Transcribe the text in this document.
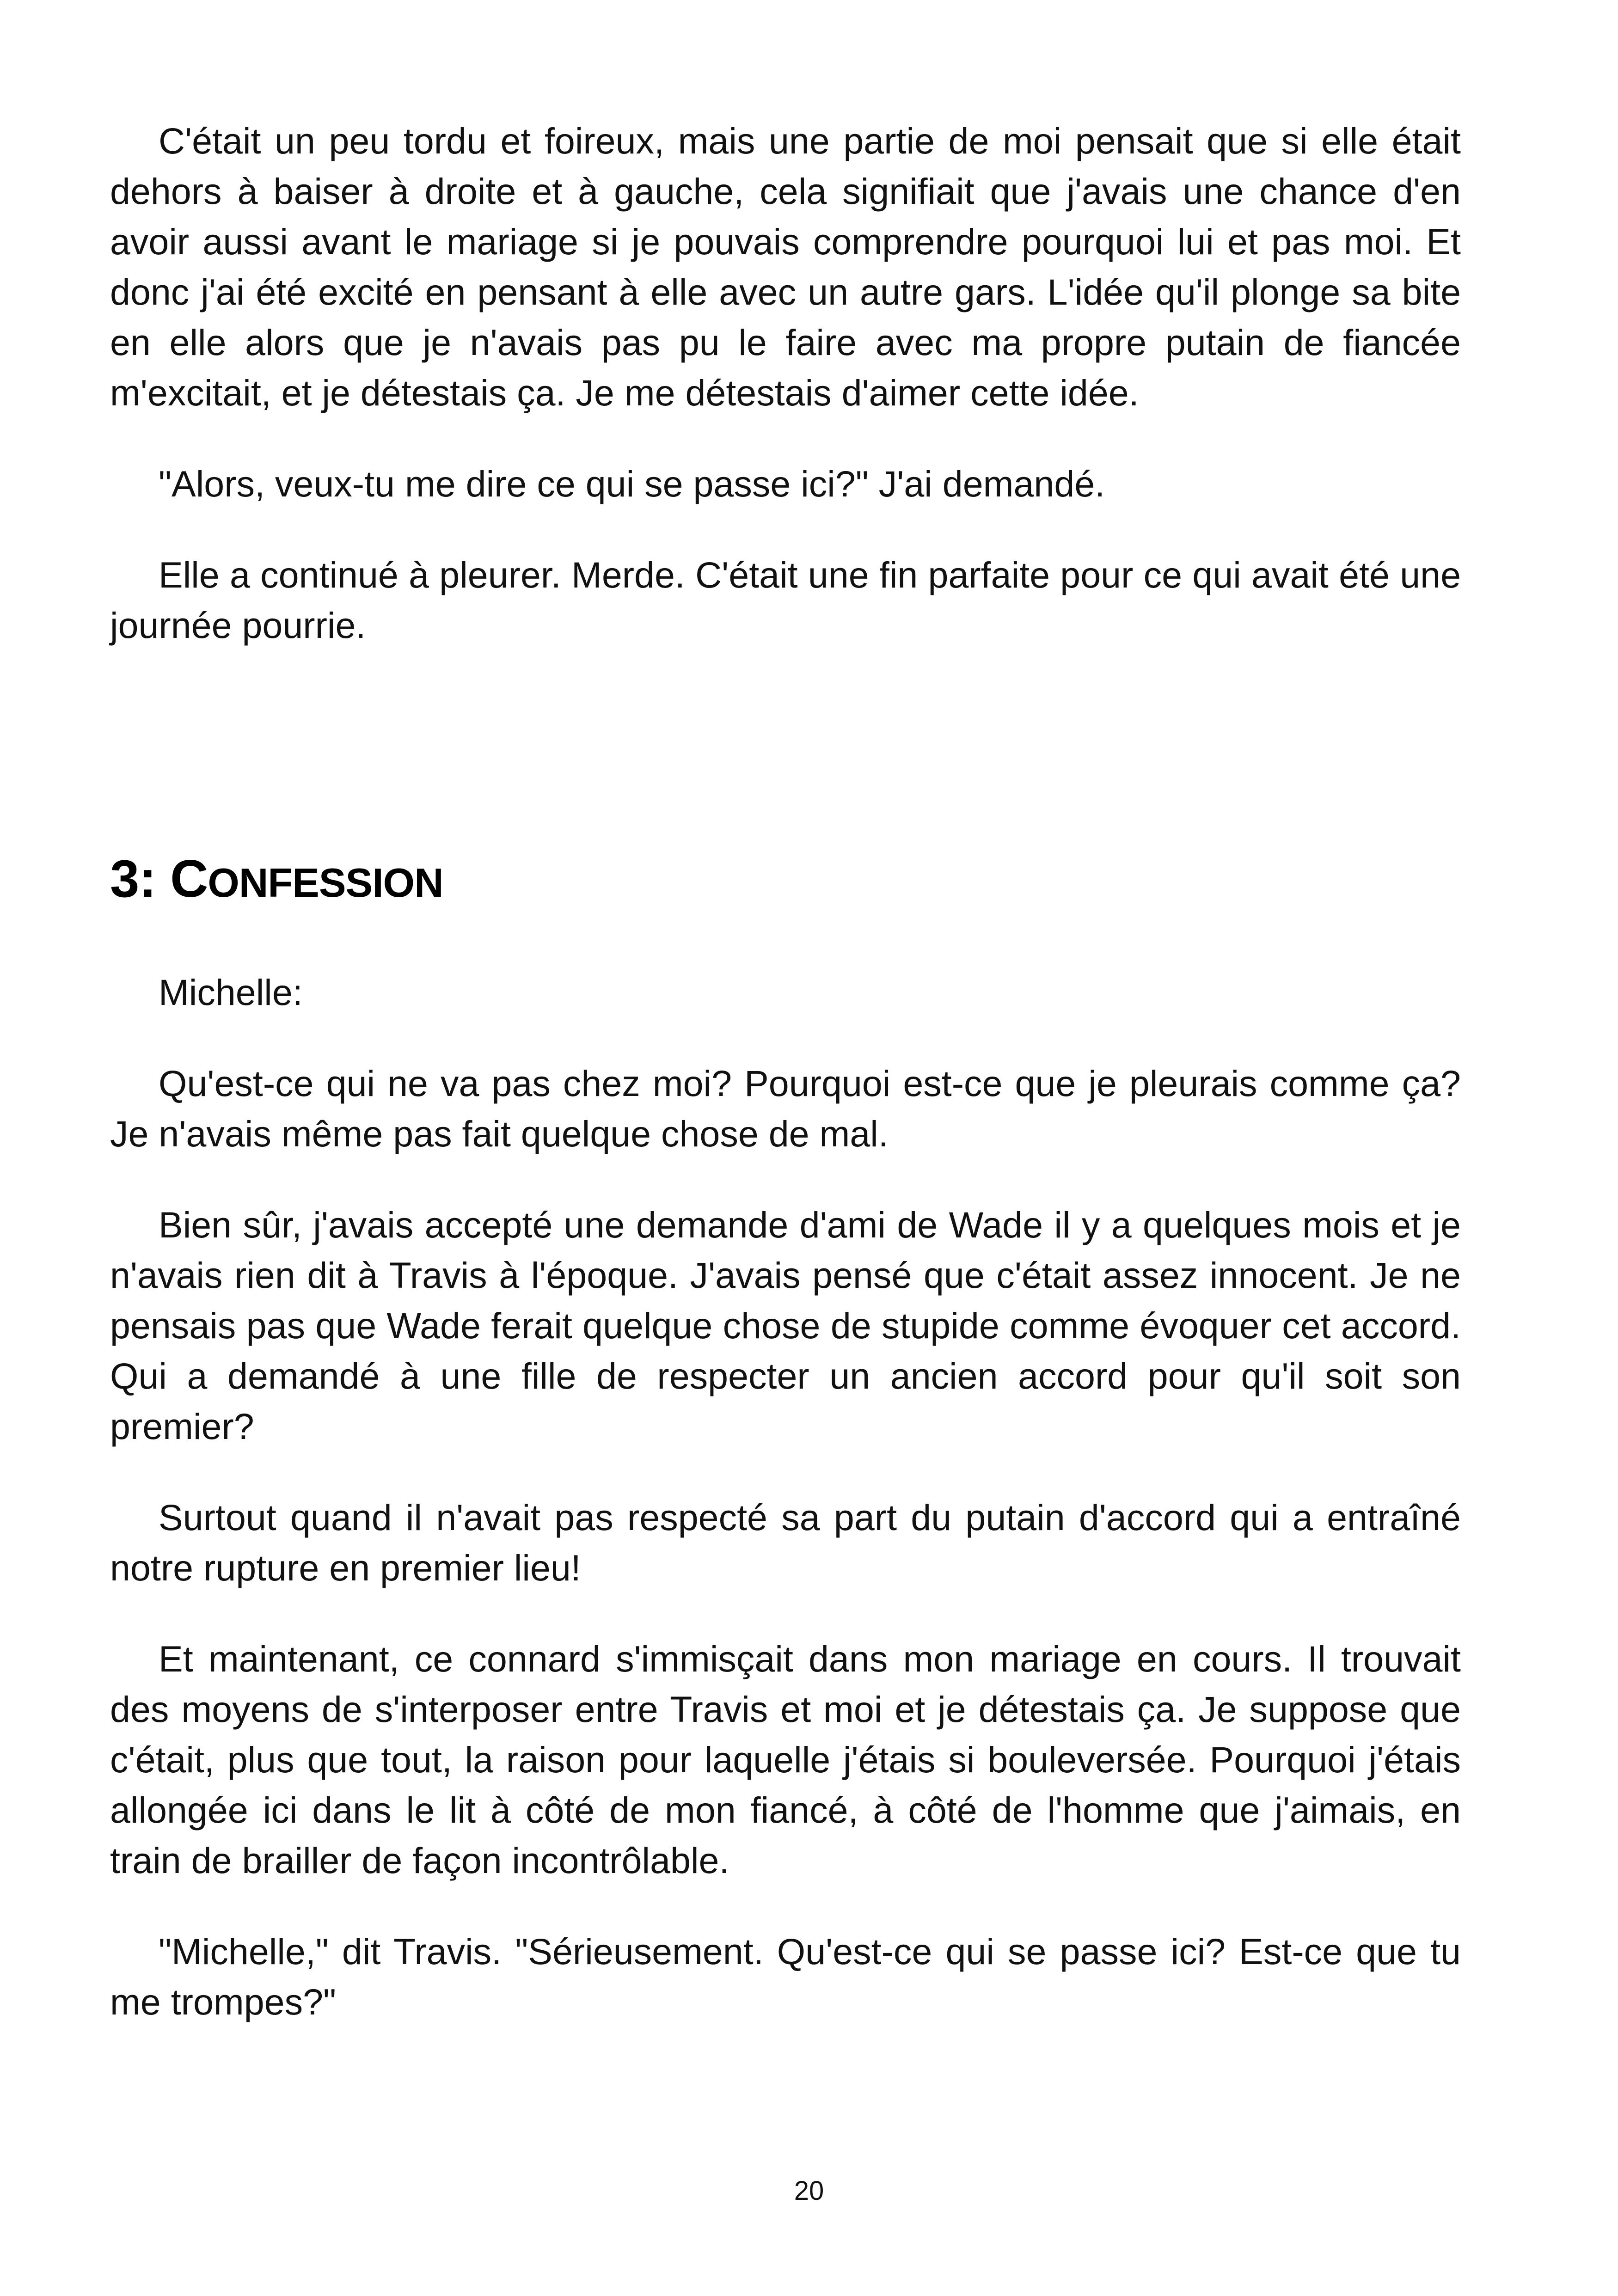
C'était un peu tordu et foireux, mais une partie de moi pensait que si elle était dehors à baiser à droite et à gauche, cela signifiait que j'avais une chance d'en avoir aussi avant le mariage si je pouvais comprendre pourquoi lui et pas moi. Et donc j'ai été excité en pensant à elle avec un autre gars. L'idée qu'il plonge sa bite en elle alors que je n'avais pas pu le faire avec ma propre putain de fiancée m'excitait, et je détestais ça. Je me détestais d'aimer cette idée.

"Alors, veux-tu me dire ce qui se passe ici?" J'ai demandé.

Elle a continué à pleurer. Merde. C'était une fin parfaite pour ce qui avait été une journée pourrie.

3: CONFESSION

Michelle:

Qu'est-ce qui ne va pas chez moi? Pourquoi est-ce que je pleurais comme ça? Je n'avais même pas fait quelque chose de mal.

Bien sûr, j'avais accepté une demande d'ami de Wade il y a quelques mois et je n'avais rien dit à Travis à l'époque. J'avais pensé que c'était assez innocent. Je ne pensais pas que Wade ferait quelque chose de stupide comme évoquer cet accord. Qui a demandé à une fille de respecter un ancien accord pour qu'il soit son premier?

Surtout quand il n'avait pas respecté sa part du putain d'accord qui a entraîné notre rupture en premier lieu!

Et maintenant, ce connard s'immisçait dans mon mariage en cours. Il trouvait des moyens de s'interposer entre Travis et moi et je détestais ça. Je suppose que c'était, plus que tout, la raison pour laquelle j'étais si bouleversée. Pourquoi j'étais allongée ici dans le lit à côté de mon fiancé, à côté de l'homme que j'aimais, en train de brailler de façon incontrôlable.

"Michelle," dit Travis. "Sérieusement. Qu'est-ce qui se passe ici? Est-ce que tu me trompes?"

20
